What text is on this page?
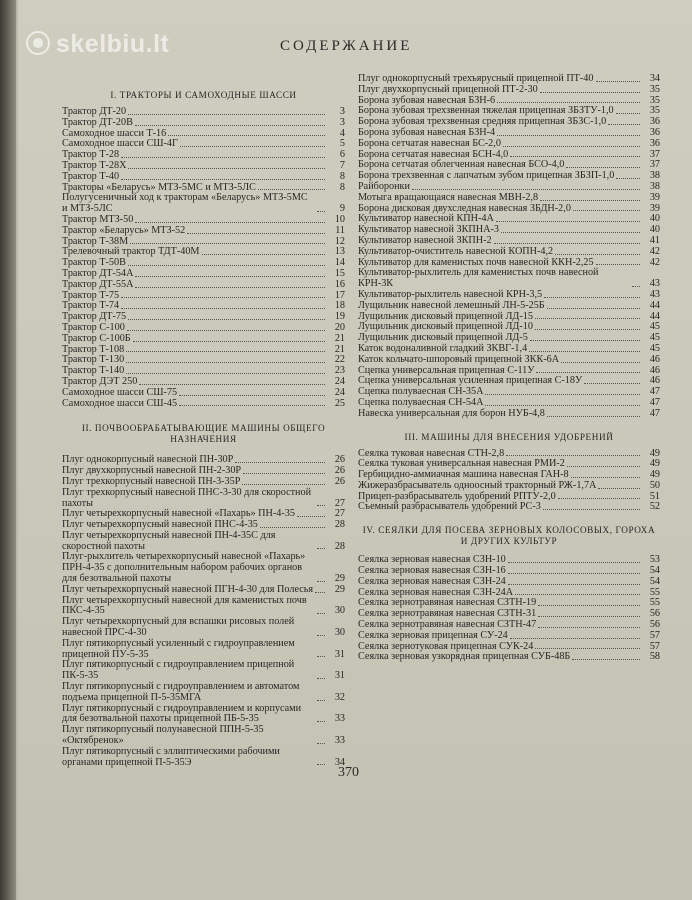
skelbiu.lt	СОДЕРЖАНИЕ
I. ТРАКТОРЫ И САМОХОДНЫЕ ШАССИ
Трактор ДТ-20	3
Трактор ДТ-20В	3
Самоходное шасси Т-16	4
Самоходное шасси СШ-4Г	5
Трактор Т-28	6
Трактор Т-28Х	7
Трактор Т-40	8
Тракторы «Беларусь» МТЗ-5МС и МТЗ-5ЛС	8
Полугусеничный ход к тракторам «Беларусь» МТЗ-5МС и МТЗ-5ЛС	9
Трактор МТЗ-50	10
Трактор «Беларусь» МТЗ-52	11
Трактор Т-38М	12
Трелевочный трактор ТДТ-40М	13
Трактор Т-50В	14
Трактор ДТ-54А	15
Трактор ДТ-55А	16
Трактор Т-75	17
Трактор Т-74	18
Трактор ДТ-75	19
Трактор С-100	20
Трактор С-100Б	21
Трактор Т-108	21
Трактор Т-130	22
Трактор Т-140	23
Трактор ДЭТ 250	24
Самоходное шасси СШ-75	24
Самоходное шасси СШ-45	25
II. ПОЧВООБРАБАТЫВАЮЩИЕ МАШИНЫ ОБЩЕГО НАЗНАЧЕНИЯ
Плуг однокорпусный навесной ПН-30Р	26
Плуг двухкорпусный навесной ПН-2-30Р	26
Плуг трехкорпусный навесной ПН-3-35Р	26
Плуг трехкорпусный навесной ПНС-3-30 для скоростной пахоты	27
Плуг четырехкорпусный навесной «Пахарь» ПН-4-35	27
Плуг четырехкорпусный навесной ПНС-4-35	28
Плуг четырехкорпусный навесной ПН-4-35С для скоростной пахоты	28
Плуг-рыхлитель четырехкорпусный навесной «Пахарь» ПРН-4-35 с дополнительным набором рабочих органов для безотвальной пахоты	29
Плуг четырехкорпусный навесной ПГН-4-30 для Полесья	29
Плуг четырехкорпусный навесной для каменистых почв ПКС-4-35	30
Плуг четырехкорпусный для вспашки рисовых полей навесной ПРС-4-30	30
Плуг пятикорпусный усиленный с гидроуправлением прицепной ПУ-5-35	31
Плуг пятикорпусный с гидроуправлением прицепной ПК-5-35	31
Плуг пятикорпусный с гидроуправлением и автоматом подъема прицепной П-5-35МГА	32
Плуг пятикорпусный с гидроуправлением и корпусами для безотвальной пахоты прицепной ПБ-5-35	33
Плуг пятикорпусный полунавесной ППН-5-35 «Октябренок»	33
Плуг пятикорпусный с эллиптическими рабочими органами прицепной П-5-35Э	34
Плуг однокорпусный трехъярусный прицепной ПТ-40	34
Плуг двухкорпусный прицепной ПТ-2-30	35
Борона зубовая навесная БЗН-6	35
Борона зубовая трехзвенная тяжелая прицепная ЗБЗТУ-1,0	35
Борона зубовая трехзвенная средняя прицепная ЗБЗС-1,0	36
Борона зубовая навесная БЗН-4	36
Борона сетчатая навесная БС-2,0	36
Борона сетчатая навесная БСН-4,0	37
Борона сетчатая облегченная навесная БСО-4,0	37
Борона трехзвенная с лапчатым зубом прицепная ЗБЗП-1,0	38
Райборонки	38
Мотыга вращающаяся навесная МВН-2,8	39
Борона дисковая двухследная навесная ЗБДН-2,0	39
Культиватор навесной КПН-4А	40
Культиватор навесной ЗКПНА-3	40
Культиватор навесной ЗКПН-2	41
Культиватор-очиститель навесной КОПН-4,2	42
Культиватор для каменистых почв навесной ККН-2,25	42
Культиватор-рыхлитель для каменистых почв навесной КРН-3К	43
Культиватор-рыхлитель навесной КРН-3,5	43
Лущильник навесной лемешный ЛН-5-25Б	44
Лущильник дисковый прицепной ЛД-15	44
Лущильник дисковый прицепной ЛД-10	45
Лущильник дисковый прицепной ЛД-5	45
Каток водоналивной гладкий ЗКВГ-1,4	45
Каток кольчато-шпоровый прицепной ЗКК-6А	46
Сцепка универсальная прицепная С-11У	46
Сцепка универсальная усиленная прицепная С-18У	46
Сцепка полуваесная СН-35А	47
Сцепка полуваесная СН-54А	47
Навеска универсальная для борон НУБ-4,8	47
III. МАШИНЫ ДЛЯ ВНЕСЕНИЯ УДОБРЕНИЙ
Сеялка туковая навесная СТН-2,8	49
Сеялка туковая универсальная навесная РМИ-2	49
Гербицидно-аммиачная машина навесная ГАН-8	49
Жижеразбрасыватель одноосный тракторный РЖ-1,7А	50
Прицеп-разбрасыватель удобрений РПТУ-2,0	51
Съемный разбрасыватель удобрений РС-3	52
IV. СЕЯЛКИ ДЛЯ ПОСЕВА ЗЕРНОВЫХ КОЛОСОВЫХ, ГОРОХА И ДРУГИХ КУЛЬТУР
Сеялка зерновая навесная СЗН-10	53
Сеялка зерновая навесная СЗН-16	54
Сеялка зерновая навесная СЗН-24	54
Сеялка зерновая навесная СЗН-24А	55
Сеялка зернотравяная навесная СЗТН-19	55
Сеялка зернотравяная навесная СЗТН-31	56
Сеялка зернотравяная навесная СЗТН-47	56
Сеялка зерновая прицепная СУ-24	57
Сеялка зернотуковая прицепная СУК-24	57
Сеялка зерновая узкорядная прицепная СУБ-48Б	58
370
